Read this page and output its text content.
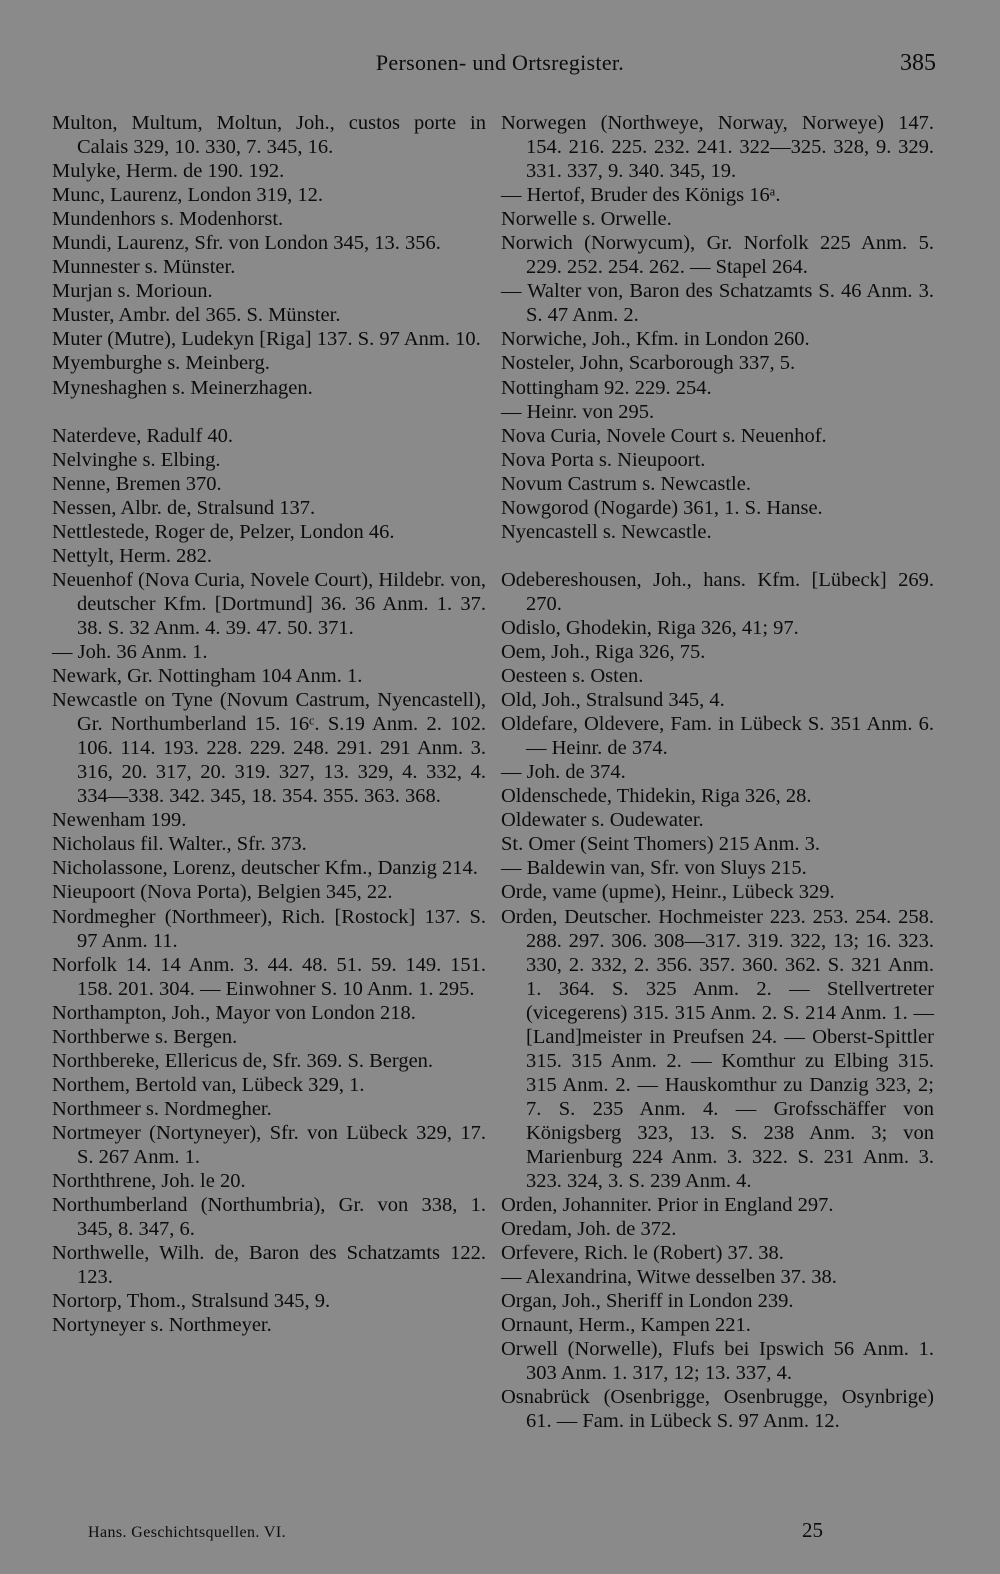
Personen- und Ortsregister.	385
Multon, Multum, Moltun, Joh., custos porte in Calais 329, 10. 330, 7. 345, 16.
Mulyke, Herm. de 190. 192.
Munc, Laurenz, London 319, 12.
Mundenhors s. Modenhorst.
Mundi, Laurenz, Sfr. von London 345, 13. 356.
Munnester s. Münster.
Murjan s. Morioun.
Muster, Ambr. del 365. S. Münster.
Muter (Mutre), Ludekyn [Riga] 137. S. 97 Anm. 10.
Myemburghe s. Meinberg.
Myneshaghen s. Meinerzhagen.
Naterdeve, Radulf 40.
Nelvinghe s. Elbing.
Nenne, Bremen 370.
Nessen, Albr. de, Stralsund 137.
Nettlestede, Roger de, Pelzer, London 46.
Nettylt, Herm. 282.
Neuenhof (Nova Curia, Novele Court), Hildebr. von, deutscher Kfm. [Dortmund] 36. 36 Anm. 1. 37. 38. S. 32 Anm. 4. 39. 47. 50. 371.
— Joh. 36 Anm. 1.
Newark, Gr. Nottingham 104 Anm. 1.
Newcastle on Tyne (Novum Castrum, Nyencastell), Gr. Northumberland 15. 16ᶜ. S.19 Anm. 2. 102. 106. 114. 193. 228. 229. 248. 291. 291 Anm. 3. 316, 20. 317, 20. 319. 327, 13. 329, 4. 332, 4. 334—338. 342. 345, 18. 354. 355. 363. 368.
Newenham 199.
Nicholaus fil. Walter., Sfr. 373.
Nicholassone, Lorenz, deutscher Kfm., Danzig 214.
Nieupoort (Nova Porta), Belgien 345, 22.
Nordmegher (Northmeer), Rich. [Rostock] 137. S. 97 Anm. 11.
Norfolk 14. 14 Anm. 3. 44. 48. 51. 59. 149. 151. 158. 201. 304. — Einwohner S. 10 Anm. 1. 295.
Northampton, Joh., Mayor von London 218.
Northberwe s. Bergen.
Northbereke, Ellericus de, Sfr. 369. S. Bergen.
Northem, Bertold van, Lübeck 329, 1.
Northmeer s. Nordmegher.
Nortmeyer (Nortyneyer), Sfr. von Lübeck 329, 17. S. 267 Anm. 1.
Norththrene, Joh. le 20.
Northumberland (Northumbria), Gr. von 338, 1. 345, 8. 347, 6.
Northwelle, Wilh. de, Baron des Schatzamts 122. 123.
Nortorp, Thom., Stralsund 345, 9.
Nortyneyer s. Northmeyer.
Norwegen (Northweye, Norway, Norweye) 147. 154. 216. 225. 232. 241. 322—325. 328, 9. 329. 331. 337, 9. 340. 345, 19.
— Hertof, Bruder des Königs 16ᵃ.
Norwelle s. Orwelle.
Norwich (Norwycum), Gr. Norfolk 225 Anm. 5. 229. 252. 254. 262. — Stapel 264.
— Walter von, Baron des Schatzamts S. 46 Anm. 3. S. 47 Anm. 2.
Norwiche, Joh., Kfm. in London 260.
Nosteler, John, Scarborough 337, 5.
Nottingham 92. 229. 254.
— Heinr. von 295.
Nova Curia, Novele Court s. Neuenhof.
Nova Porta s. Nieupoort.
Novum Castrum s. Newcastle.
Nowgorod (Nogarde) 361, 1. S. Hanse.
Nyencastell s. Newcastle.
Odebereshousen, Joh., hans. Kfm. [Lübeck] 269. 270.
Odislo, Ghodekin, Riga 326, 41; 97.
Oem, Joh., Riga 326, 75.
Oesteen s. Osten.
Old, Joh., Stralsund 345, 4.
Oldefare, Oldevere, Fam. in Lübeck S. 351 Anm. 6. — Heinr. de 374.
— Joh. de 374.
Oldenschede, Thidekin, Riga 326, 28.
Oldewater s. Oudewater.
St. Omer (Seint Thomers) 215 Anm. 3.
— Baldewin van, Sfr. von Sluys 215.
Orde, vame (upme), Heinr., Lübeck 329.
Orden, Deutscher. Hochmeister 223. 253. 254. 258. 288. 297. 306. 308—317. 319. 322, 13; 16. 323. 330, 2. 332, 2. 356. 357. 360. 362. S. 321 Anm. 1. 364. S. 325 Anm. 2. — Stellvertreter (vicegerens) 315. 315 Anm. 2. S. 214 Anm. 1. — [Land]meister in Preufsen 24. — Oberst-Spittler 315. 315 Anm. 2. — Komthur zu Elbing 315. 315 Anm. 2. — Hauskomthur zu Danzig 323, 2; 7. S. 235 Anm. 4. — Grofsschäffer von Königsberg 323, 13. S. 238 Anm. 3; von Marienburg 224 Anm. 3. 322. S. 231 Anm. 3. 323. 324, 3. S. 239 Anm. 4.
Orden, Johanniter. Prior in England 297.
Oredam, Joh. de 372.
Orfevere, Rich. le (Robert) 37. 38.
— Alexandrina, Witwe desselben 37. 38.
Organ, Joh., Sheriff in London 239.
Ornaunt, Herm., Kampen 221.
Orwell (Norwelle), Flufs bei Ipswich 56 Anm. 1. 303 Anm. 1. 317, 12; 13. 337, 4.
Osnabrück (Osenbrigge, Osenbrugge, Osynbrige) 61. — Fam. in Lübeck S. 97 Anm. 12.
Hans. Geschichtsquellen. VI.	25
